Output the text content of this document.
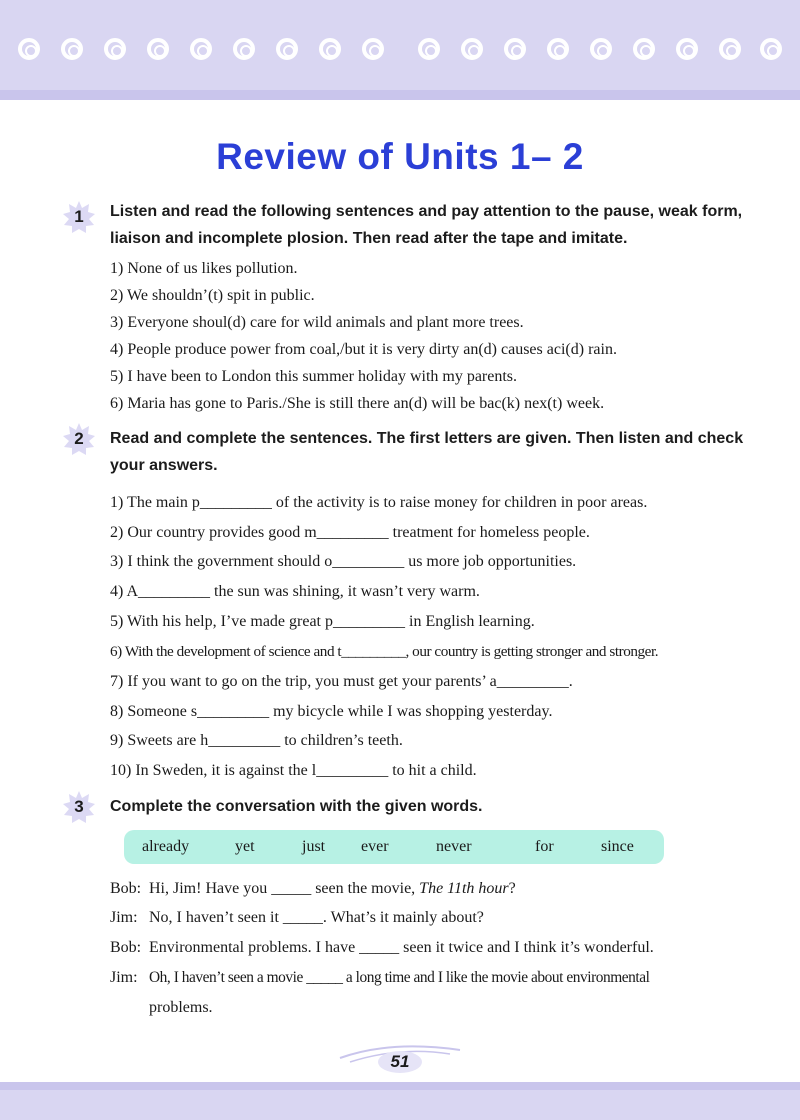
Review of Units 1– 2
1	Listen and read the following sentences and pay attention to the pause, weak form, liaison and incomplete plosion. Then read after the tape and imitate.
1) None of us likes pollution.
2) We shouldn’(t) spit in public.
3) Everyone shoul(d) care for wild animals and plant more trees.
4) People produce power from coal,/but it is very dirty an(d) causes aci(d) rain.
5) I have been to London this summer holiday with my parents.
6) Maria has gone to Paris./She is still there an(d) will be bac(k) nex(t) week.
2	Read and complete the sentences. The first letters are given. Then listen and check your answers.
1) The main p_________ of the activity is to raise money for children in poor areas.
2) Our country provides good m_________ treatment for homeless people.
3) I think the government should o_________ us more job opportunities.
4) A_________ the sun was shining, it wasn’t very warm.
5) With his help, I’ve made great p_________ in English learning.
6) With the development of science and t_________, our country is getting stronger and stronger.
7) If you want to go on the trip, you must get your parents’ a_________.
8) Someone s_________ my bicycle while I was shopping yesterday.
9) Sweets are h_________ to children’s teeth.
10) In Sweden, it is against the l_________ to hit a child.
3	Complete the conversation with the given words.
already	yet	just ever	never	for	since
Bob: Hi, Jim! Have you _____ seen the movie, The 11th hour?
Jim: No, I haven’t seen it _____. What’s it mainly about?
Bob: Environmental problems. I have _____ seen it twice and I think it’s wonderful.
Jim: Oh, I haven’t seen a movie _____ a long time and I like the movie about environmental
problems.
51
